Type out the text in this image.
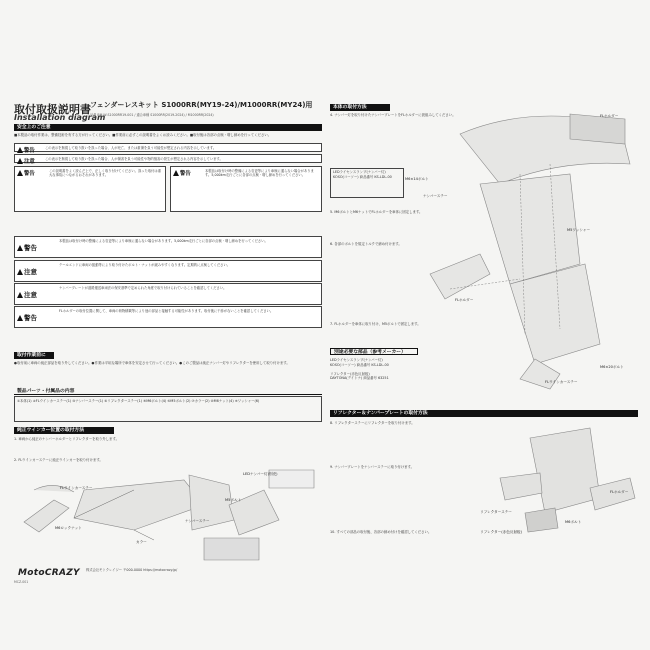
取付取扱説明書
Installation diagram
フェンダーレスキット S1000RR(MY19-24)/M1000RR(MY24)用
品番 BM-W-S1000RR19-001 / 適合車種 S1000RR(2019-2024) / M1000RR(2024)
安全上のご注意
■本製品の取付作業は、整備技術を有する方が行ってください。■作業前に必ずこの説明書をよくお読みください。■取付後は各部の点検・増し締めを行ってください。
警告	この表示を無視して取り扱いを誤った場合、人が死亡、または重傷を負う可能性が想定される内容を示しています。
注意	この表示を無視して取り扱いを誤った場合、人が傷害を負う可能性や物的損害の発生が想定される内容を示しています。
警告	この説明書をよく読んだ上で、正しく取り付けてください。誤った取付は重大な事故につながるおそれがあります。	警告	本製品は取付け時の整備による変更等により車検に通らない場合があります。5,000km走行ごとに各部の点検・増し締めを行ってください。
警告
本製品は取付け時の整備による変更等により車検に通らない場合があります。5,000km走行ごとに各部の点検・増し締めを行ってください。
注意
テールエンドに車両の振動等により取り付けたボルト・ナットが緩みやすくなります。定期的に点検してください。
注意
ナンバープレートが道路運送車両法の保安基準で定められた角度で取り付けられていることを確認してください。
警告
FLホルダーの取付位置に関して、車両の荷物積載等により他の部品と接触する可能性があります。取付後に干渉がないことを確認してください。
取付作業前に
●取付前に車両の純正部品を取り外してください。●作業は平坦な場所で車体を安定させて行ってください。●このご製品は純正ナンバー灯やリフレクターを使用して取り付けます。
製品パーツ・付属品の内容
①本体(1) ②FLウインカーステー(1) ③ナンバーステー(1) ④リフレクターステー(1) ⑤M6ボルト(4) ⑥M5ボルト(2) ⑦カラー(2) ⑧M6ナット(4) ⑨ワッシャー(6)
純正ウインカー位置の取付方法
1. 車両から純正のナンバーホルダーとリフレクターを取り外します。
2. FLウインカーステーに純正ウインカーを取り付けます。
FLウインカーステー
LEDナンバー灯(別売)
ナンバーステー
M5ボルト
M6ロックナット
カラー
MotoCRAZY 株式会社モトクレイジー 〒000-0000 https://motocrazy.jp/
MCZ-001
本体の取付方法
4. ナンバー灯を取り付けたナンバープレートをFLホルダーに仮組みしてください。
LEDライセンスランプ(ナンバー灯)
KOSO(コーソー) 商品番号 KS-LDL-00
5. M6ボルトとM6ナットでFLホルダーを車体に固定します。
6. 各部のボルトを規定トルクで締め付けます。
7. FLホルダーを車体に取り付け、M5ボルトで固定します。
FLホルダー
M6×14ボルト
ナンバーステー
M5ワッシャー
FLホルダー
FLウインカーステー
M6×20ボルト
別途必要な部品（参考メーカー）
LEDライセンスランプ(ナンバー灯)
KOSO(コーソー) 商品番号 KS-LDL-00

リフレクター(赤色反射板)
DAYTONA(デイトナ) 商品番号 63251
リフレクター＆ナンバープレートの取付方法
8. リフレクターステーにリフレクターを取り付けます。
9. ナンバープレートをナンバーステーに取り付けます。
10. すべての部品の取付後、各部の締め付けを確認してください。
リフレクターステー
リフレクター(赤色反射板)
FLホルダー
M6ボルト
